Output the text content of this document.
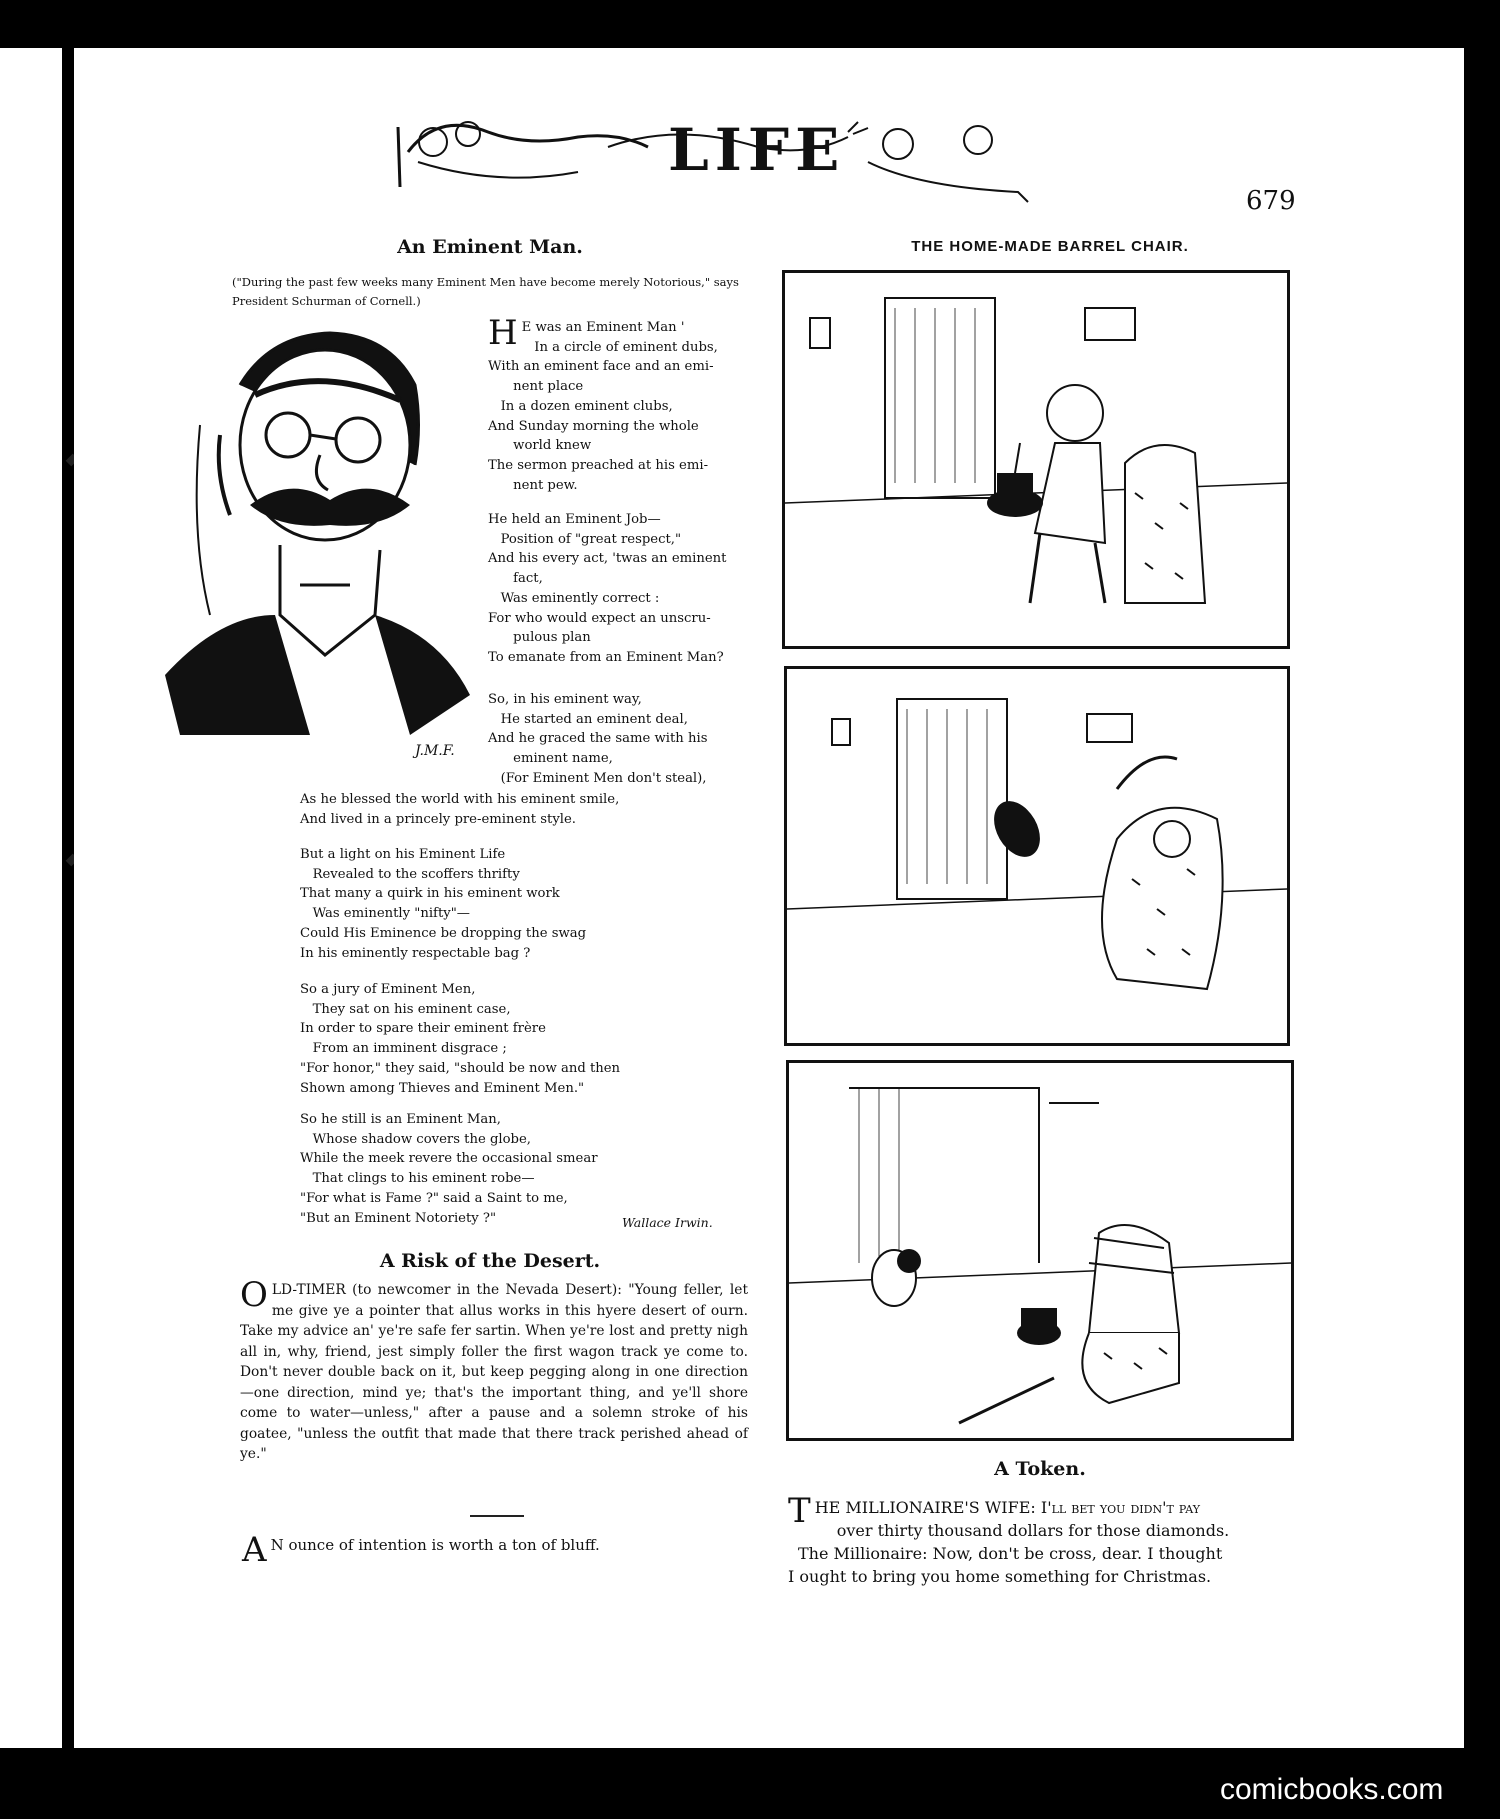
LIFE
679
An Eminent Man.
("During the past few weeks many Eminent Men have become merely Notorious," says President Schurman of Cornell.)
J.M.F.
H E was an Eminent Man '
In a circle of eminent dubs,
With an eminent face and an emi-
nent place
In a dozen eminent clubs,
And Sunday morning the whole
world knew
The sermon preached at his emi-
nent pew.
He held an Eminent Job—
Position of "great respect,"
And his every act, 'twas an eminent
fact,
Was eminently correct :
For who would expect an unscru-
pulous plan
To emanate from an Eminent Man?
So, in his eminent way,
He started an eminent deal,
And he graced the same with his
eminent name,
(For Eminent Men don't steal),
As he blessed the world with his eminent smile,
And lived in a princely pre-eminent style.
But a light on his Eminent Life
Revealed to the scoffers thrifty
That many a quirk in his eminent work
Was eminently "nifty"—
Could His Eminence be dropping the swag
In his eminently respectable bag ?
So a jury of Eminent Men,
They sat on his eminent case,
In order to spare their eminent frère
From an imminent disgrace ;
"For honor," they said, "should be now and then
Shown among Thieves and Eminent Men."
So he still is an Eminent Man,
Whose shadow covers the globe,
While the meek revere the occasional smear
That clings to his eminent robe—
"For what is Fame ?" said a Saint to me,
"But an Eminent Notoriety ?"	Wallace Irwin.
A Risk of the Desert.
OLD-TIMER (to newcomer in the Nevada Desert): "Young feller, let me give ye a pointer that allus works in this hyere desert of ourn. Take my advice an' ye're safe fer sartin. When ye're lost and pretty nigh all in, why, friend, jest simply foller the first wagon track ye come to. Don't never double back on it, but keep pegging along in one direction—one direction, mind ye; that's the important thing, and ye'll shore come to water—unless," after a pause and a solemn stroke of his goatee, "unless the outfit that made that there track perished ahead of ye."
A N ounce of intention is worth a ton of bluff.
THE HOME-MADE BARREL CHAIR.
A Token.
T HE MILLIONAIRE'S WIFE: I'll bet you didn't pay
over thirty thousand dollars for those diamonds.
The Millionaire: Now, don't be cross, dear. I thought
I ought to bring you home something for Christmas.
comicbooks.com
